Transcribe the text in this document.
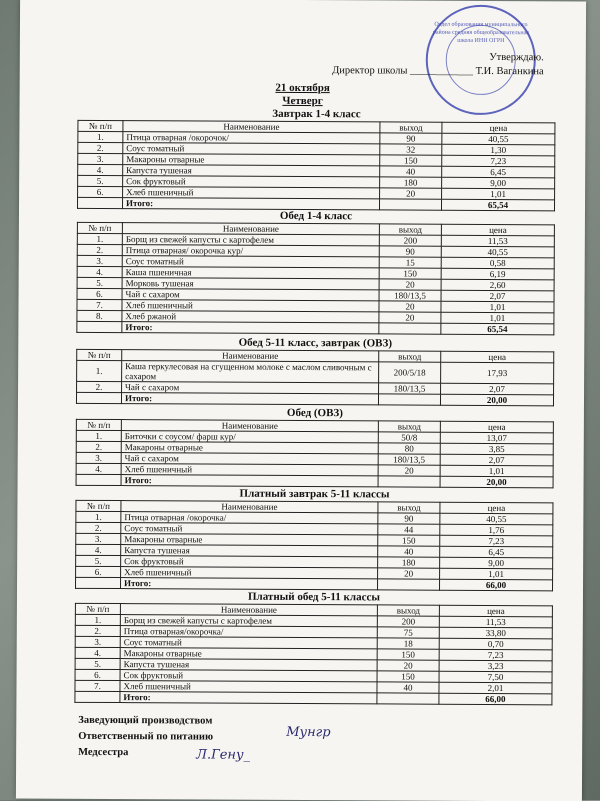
Отдел образования муниципального района средняя общеобразовательная школа ИНН ОГРН
Утверждаю.
Директор школы ____________ Т.И. Ваганкина
21 октября
Четверг
Завтрак 1-4 класс
№ п/п	Наименование	выход	цена
1.	Птица отварная /окорочок/	90	40,55
2.	Соус томатный	32	1,30
3.	Макароны отварные	150	7,23
4.	Капуста тушеная	40	6,45
5.	Сок фруктовый	180	9,00
6.	Хлеб пшеничный	20	1,01
	Итого:		65,54
Обед 1-4 класс
№ п/п	Наименование	выход	цена
1.	Борщ из свежей капусты с картофелем	200	11,53
2.	Птица отварная/ окорочка кур/	90	40,55
3.	Соус томатный	15	0,58
4.	Каша пшеничная	150	6,19
5.	Морковь тушеная	20	2,60
6.	Чай с сахаром	180/13,5	2,07
7.	Хлеб пшеничный	20	1,01
8.	Хлеб ржаной	20	1,01
	Итого:		65,54
Обед 5-11 класс, завтрак (ОВЗ)
№ п/п	Наименование	выход	цена
1.	Каша геркулесовая на сгущенном молоке с маслом сливочным с сахаром	200/5/18	17,93
2.	Чай с сахаром	180/13,5	2,07
	Итого:		20,00
Обед (ОВЗ)
№ п/п	Наименование	выход	цена
1.	Биточки с соусом/ фарш кур/	50/8	13,07
2.	Макароны отварные	80	3,85
3.	Чай с сахаром	180/13,5	2,07
4.	Хлеб пшеничный	20	1,01
	Итого:		20,00
Платный завтрак 5-11 классы
№ п/п	Наименование	выход	цена
1.	Птица отварная /окорочка/	90	40,55
2.	Соус томатный	44	1,76
3.	Макароны отварные	150	7,23
4.	Капуста тушеная	40	6,45
5.	Сок фруктовый	180	9,00
6.	Хлеб пшеничный	20	1,01
	Итого:		66,00
Платный обед 5-11 классы
№ п/п	Наименование	выход	цена
1.	Борщ из свежей капусты с картофелем	200	11,53
2.	Птица отварная/окорочка/	75	33,80
3.	Соус томатный	18	0,70
4.	Макароны отварные	150	7,23
5.	Капуста тушеная	20	3,23
6.	Сок фруктовый	150	7,50
7.	Хлеб пшеничный	40	2,01
	Итого:		66,00
Заведующий производством
Ответственный по питанию
Медсестра
Мунгр
Л.Гену_
